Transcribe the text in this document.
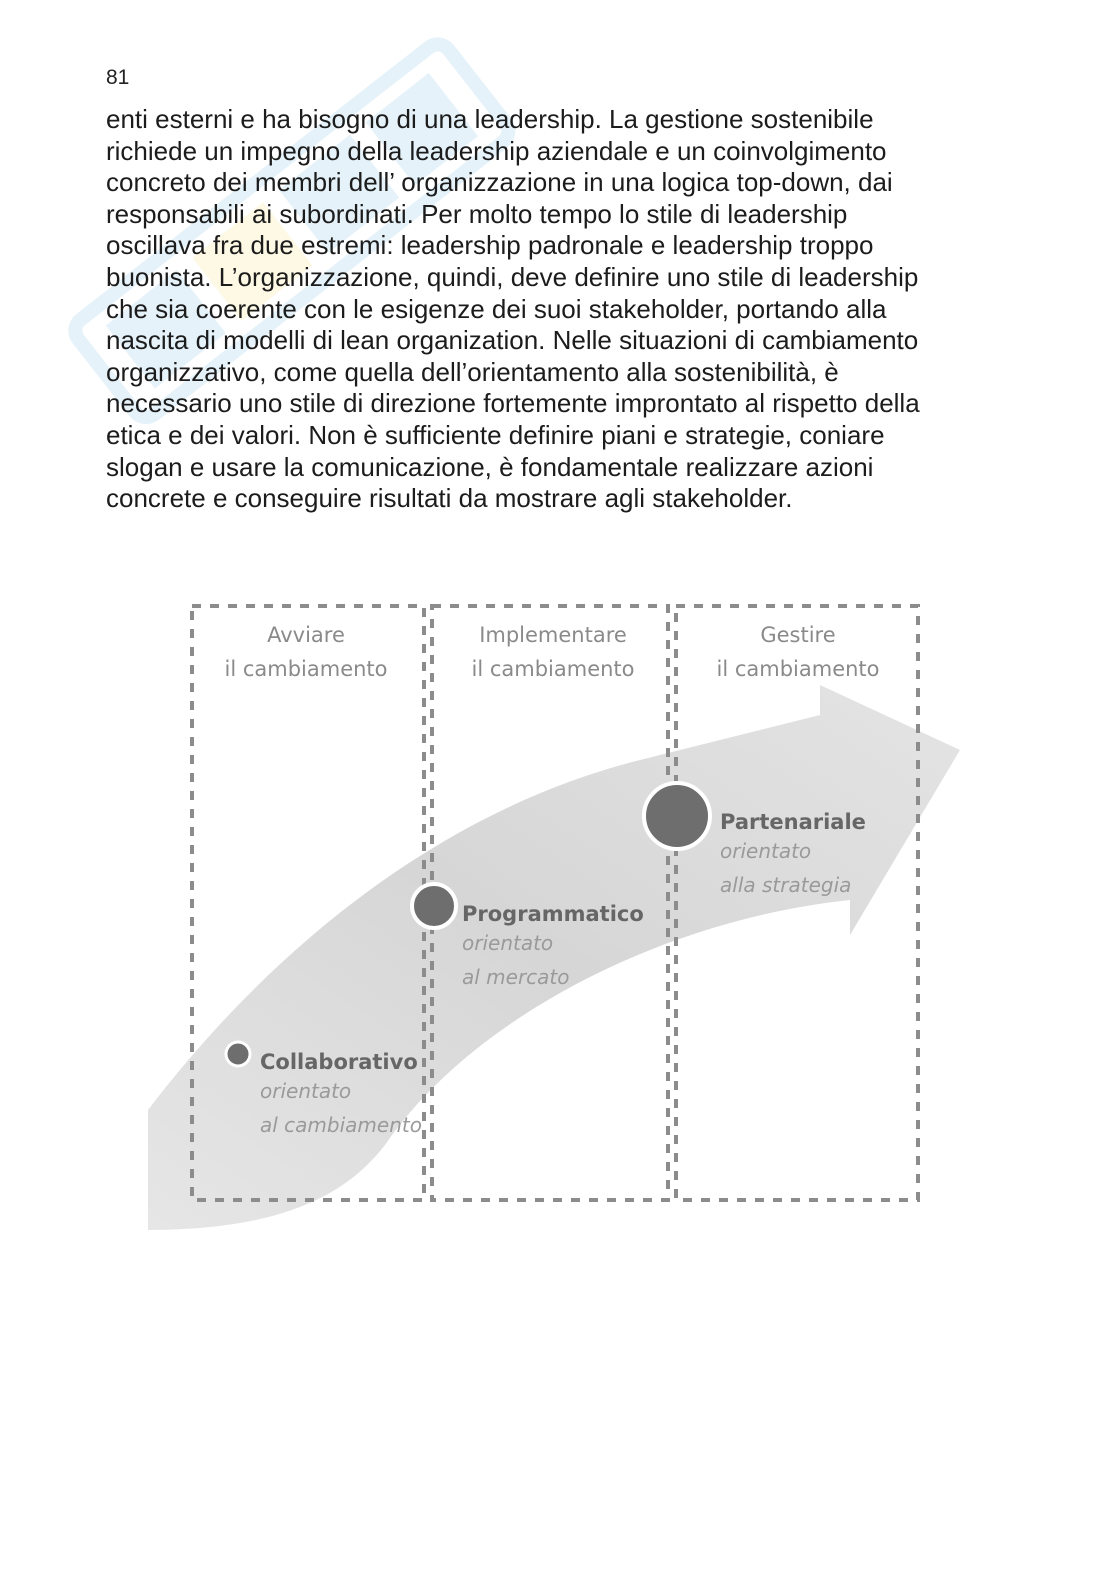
81
enti esterni e ha bisogno di una leadership. La gestione sostenibile
richiede un impegno della leadership aziendale e un coinvolgimento
concreto dei membri dell’ organizzazione in una logica top-down, dai
responsabili ai subordinati. Per molto tempo lo stile di leadership
oscillava fra due estremi: leadership padronale e leadership troppo
buonista. L’organizzazione, quindi, deve definire uno stile di leadership
che sia coerente con le esigenze dei suoi stakeholder, portando alla
nascita di modelli di lean organization. Nelle situazioni di cambiamento
organizzativo, come quella dell’orientamento alla sostenibilità, è
necessario uno stile di direzione fortemente improntato al rispetto della
etica e dei valori. Non è sufficiente definire piani e strategie, coniare
slogan e usare la comunicazione, è fondamentale realizzare azioni
concrete e conseguire risultati da mostrare agli stakeholder.
Avviare
il cambiamento
Implementare
il cambiamento
Gestire
il cambiamento
Collaborativo
orientato
al cambiamento
Programmatico
orientato
al mercato
Partenariale
orientato
alla strategia
